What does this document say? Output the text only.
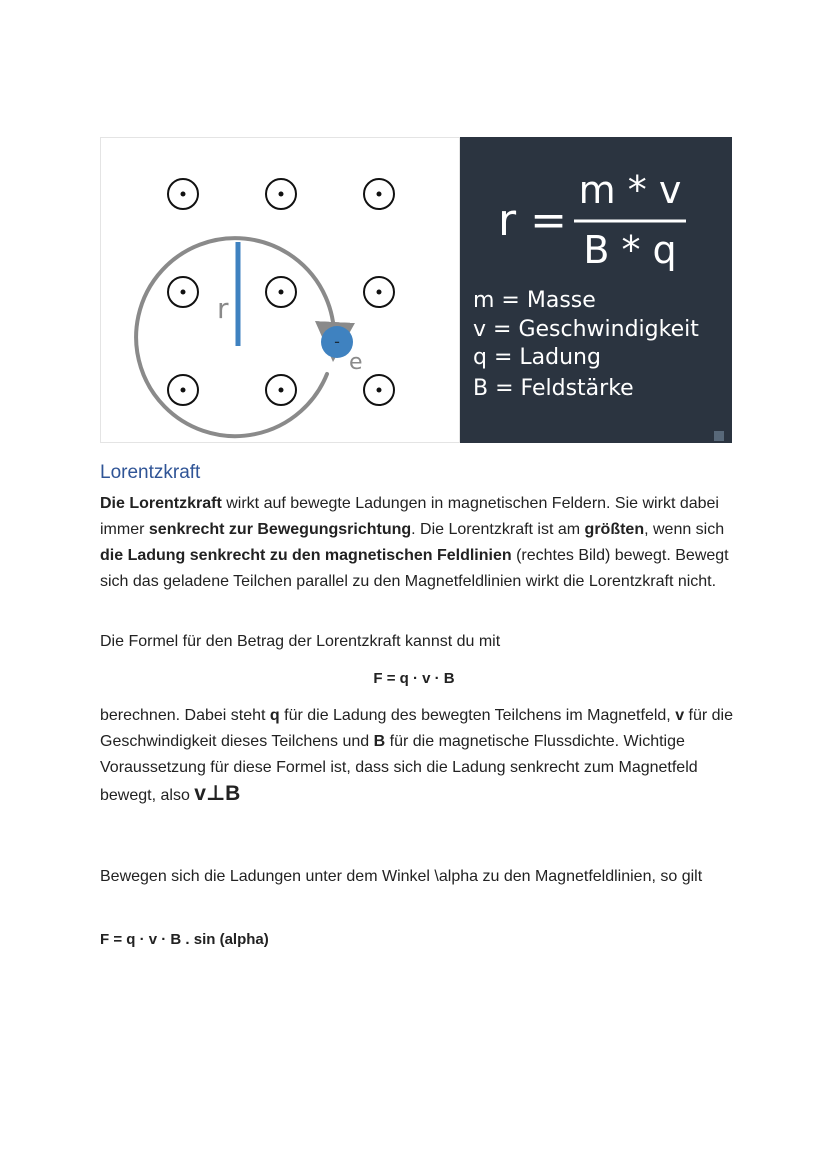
r
-
e
r =
m * v
B * q
m = Masse
v = Geschwindigkeit
q = Ladung
B = Feldstärke
Lorentzkraft

Die Lorentzkraft wirkt auf bewegte Ladungen in magnetischen Feldern. Sie wirkt dabei immer senkrecht zur Bewegungsrichtung. Die Lorentzkraft ist am größten, wenn sich die Ladung senkrecht zu den magnetischen Feldlinien (rechtes Bild) bewegt. Bewegt sich das geladene Teilchen parallel zu den Magnetfeldlinien wirkt die Lorentzkraft nicht.

Die Formel für den Betrag der Lorentzkraft kannst du mit

F = q · v · B

berechnen. Dabei steht q für die Ladung des bewegten Teilchens im Magnetfeld, v für die Geschwindigkeit dieses Teilchens und B für die magnetische Flussdichte. Wichtige Voraussetzung für diese Formel ist, dass sich die Ladung senkrecht zum Magnetfeld bewegt, also v⊥B

Bewegen sich die Ladungen unter dem Winkel \alpha zu den Magnetfeldlinien, so gilt

F = q · v · B . sin (alpha)
